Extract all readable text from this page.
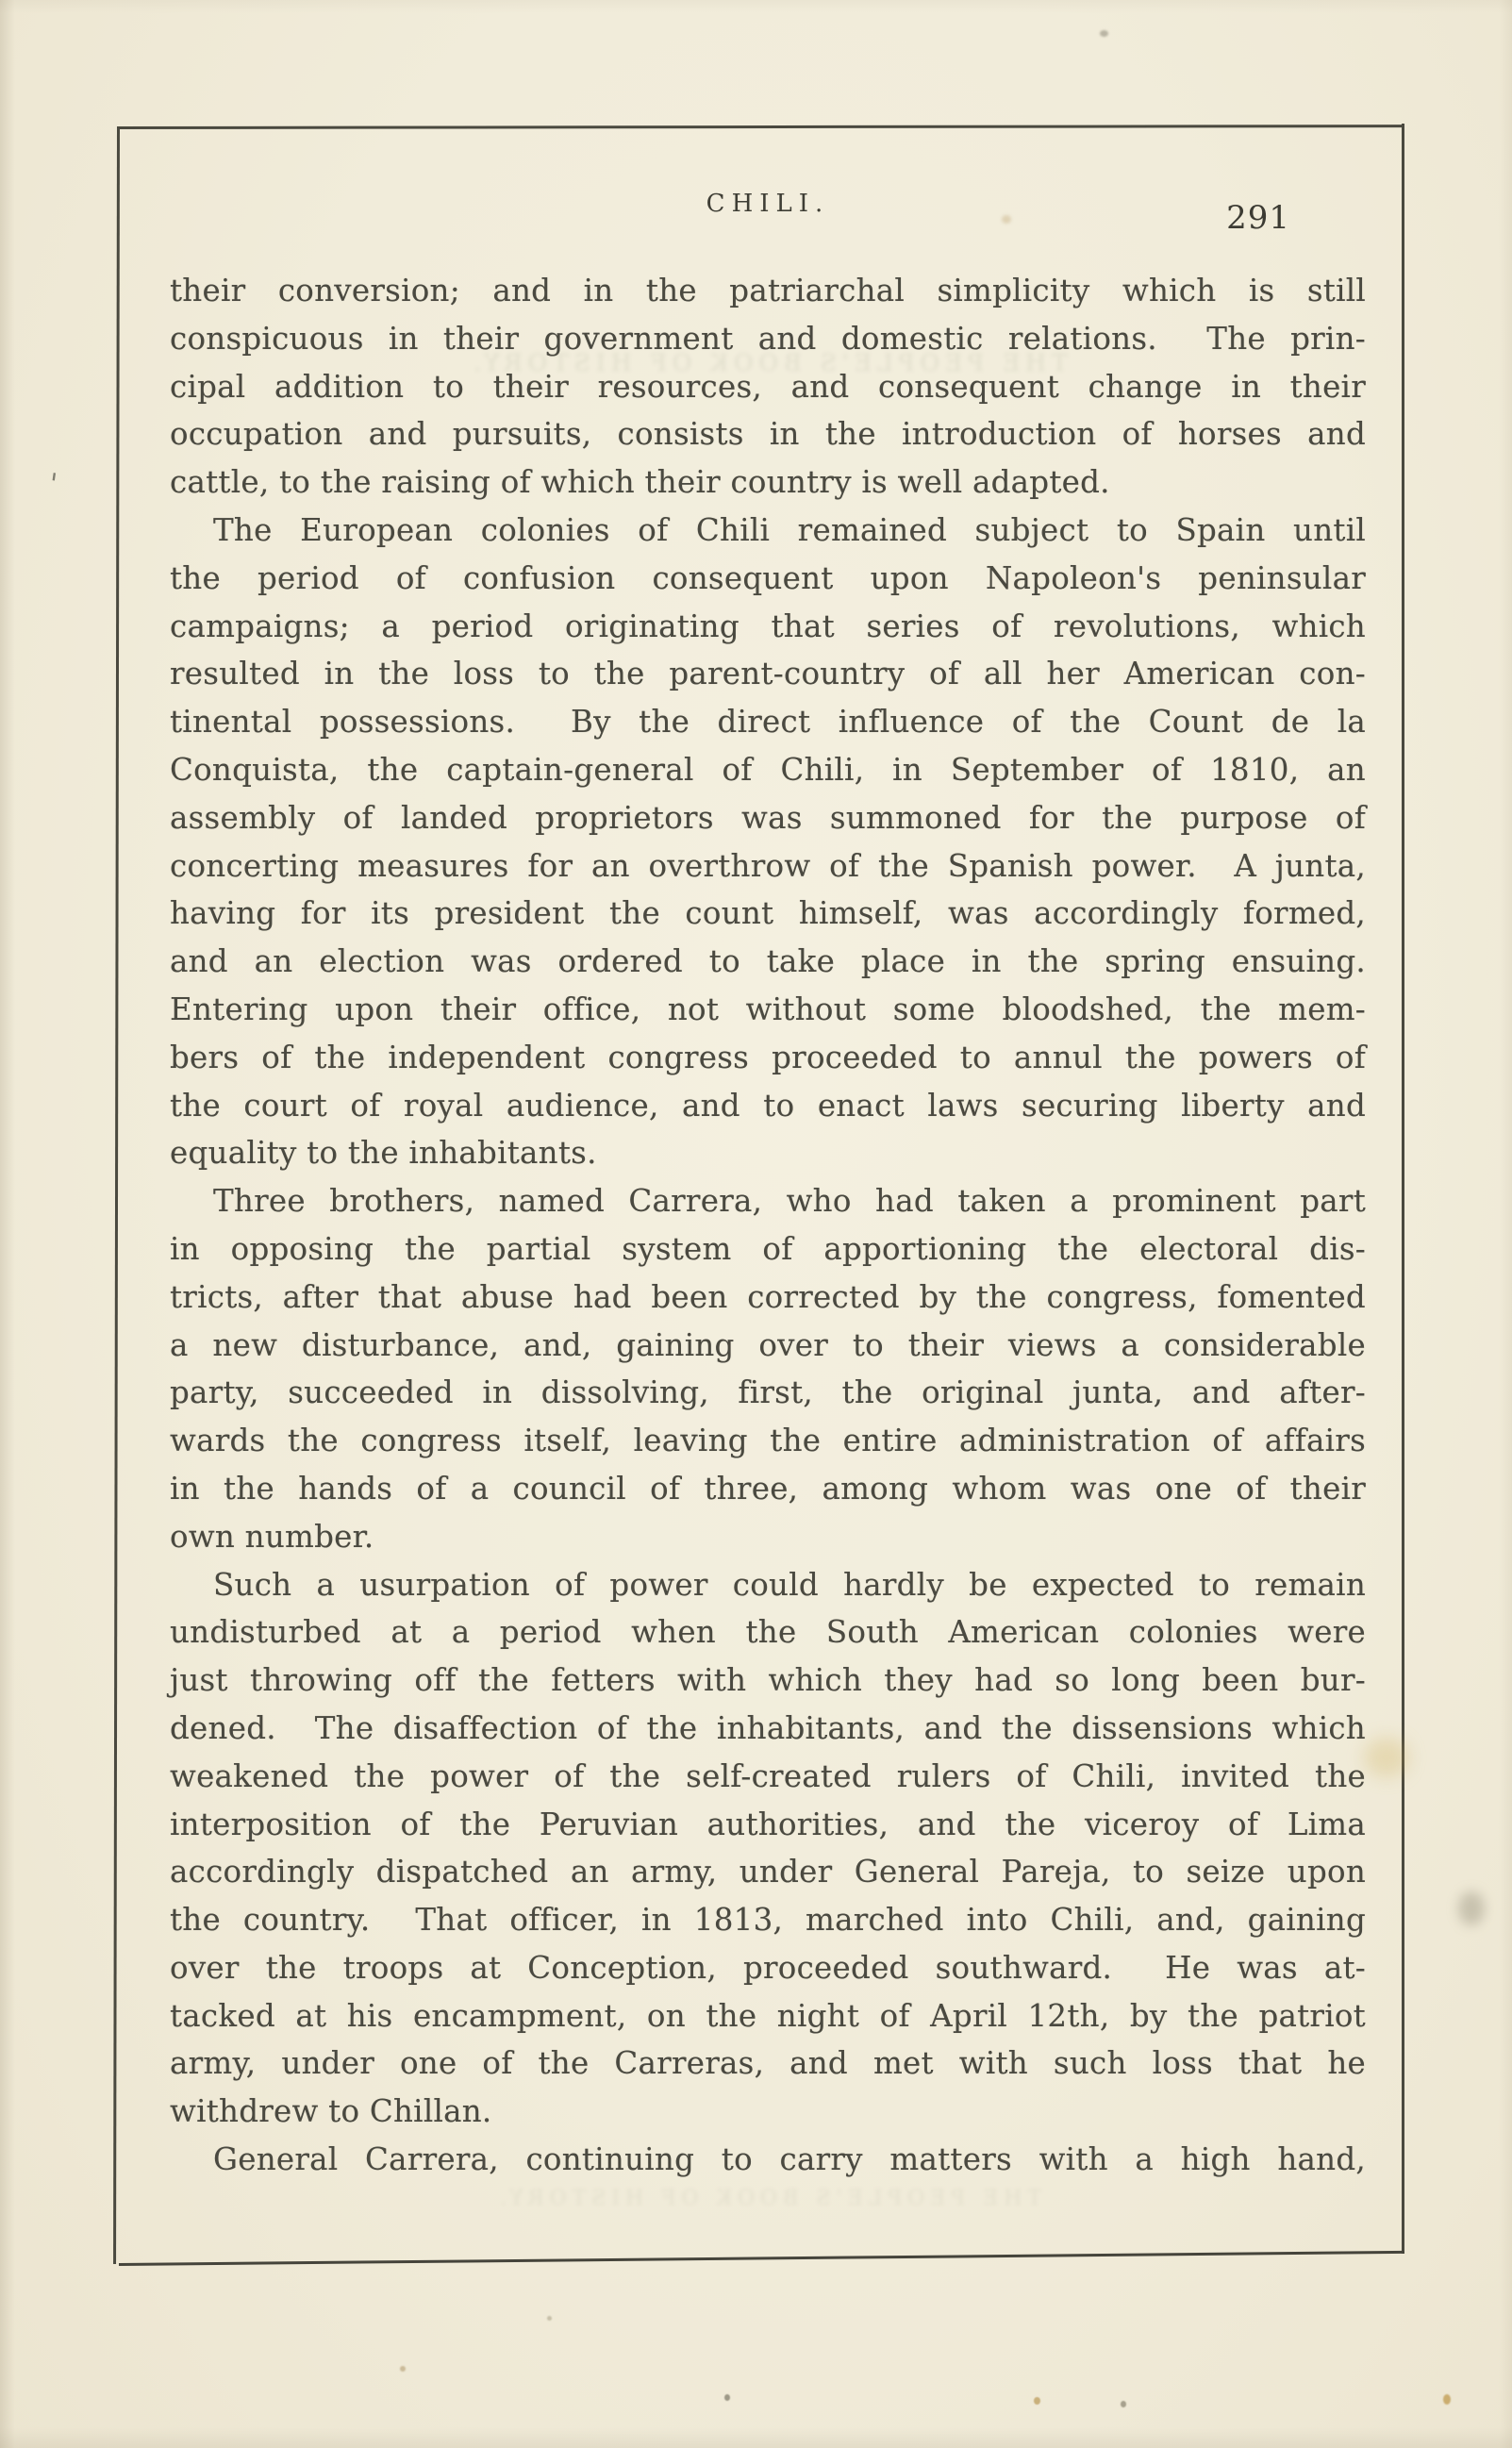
THE PEOPLE'S BOOK OF HISTORY.
THE PEOPLE'S BOOK OF HISTORY.
CHILI.	291
their conversion; and in the patriarchal simplicity which is still
conspicuous in their government and domestic relations.  The prin-
cipal addition to their resources, and consequent change in their
occupation and pursuits, consists in the introduction of horses and
cattle, to the raising of which their country is well adapted.
The European colonies of Chili remained subject to Spain until
the period of confusion consequent upon Napoleon's peninsular
campaigns; a period originating that series of revolutions, which
resulted in the loss to the parent-country of all her American con-
tinental possessions.  By the direct influence of the Count de la
Conquista, the captain-general of Chili, in September of 1810, an
assembly of landed proprietors was summoned for the purpose of
concerting measures for an overthrow of the Spanish power.  A junta,
having for its president the count himself, was accordingly formed,
and an election was ordered to take place in the spring ensuing.
Entering upon their office, not without some bloodshed, the mem-
bers of the independent congress proceeded to annul the powers of
the court of royal audience, and to enact laws securing liberty and
equality to the inhabitants.
Three brothers, named Carrera, who had taken a prominent part
in opposing the partial system of apportioning the electoral dis-
tricts, after that abuse had been corrected by the congress, fomented
a new disturbance, and, gaining over to their views a considerable
party, succeeded in dissolving, first, the original junta, and after-
wards the congress itself, leaving the entire administration of affairs
in the hands of a council of three, among whom was one of their
own number.
Such a usurpation of power could hardly be expected to remain
undisturbed at a period when the South American colonies were
just throwing off the fetters with which they had so long been bur-
dened.  The disaffection of the inhabitants, and the dissensions which
weakened the power of the self-created rulers of Chili, invited the
interposition of the Peruvian authorities, and the viceroy of Lima
accordingly dispatched an army, under General Pareja, to seize upon
the country.  That officer, in 1813, marched into Chili, and, gaining
over the troops at Conception, proceeded southward.  He was at-
tacked at his encampment, on the night of April 12th, by the patriot
army, under one of the Carreras, and met with such loss that he
withdrew to Chillan.
General Carrera, continuing to carry matters with a high hand,
'
